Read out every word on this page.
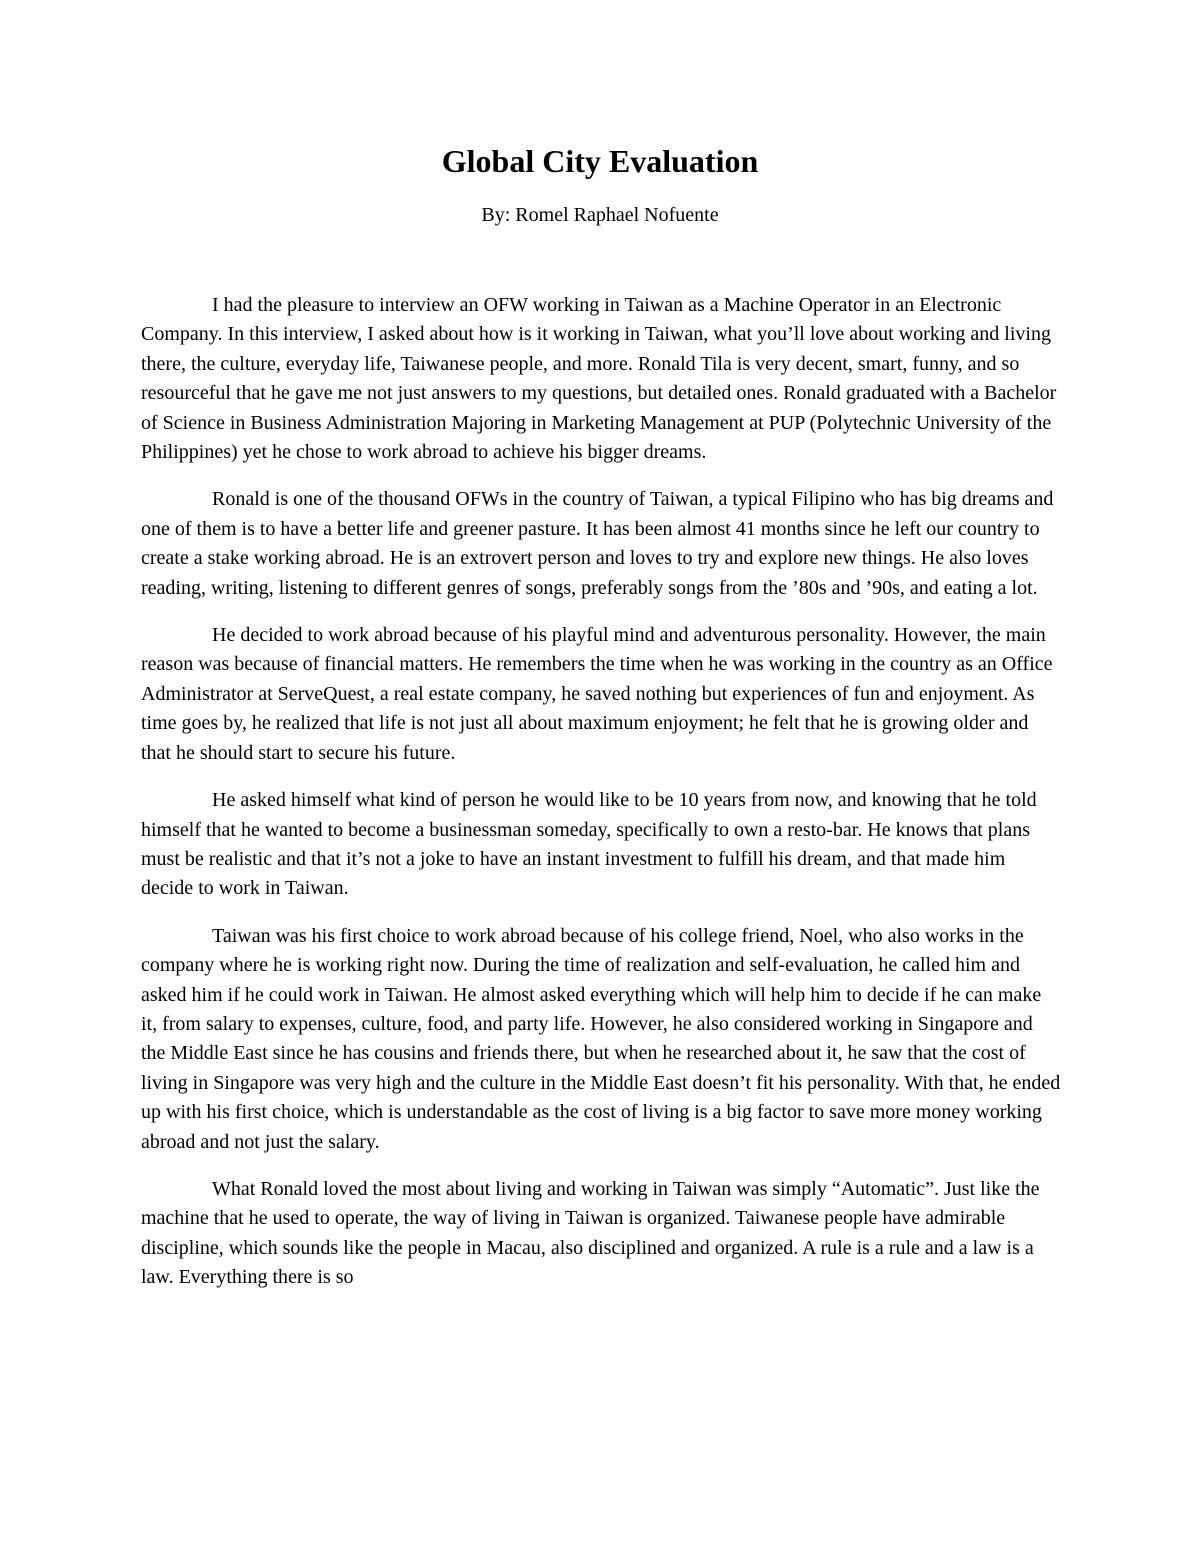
Global City Evaluation

By: Romel Raphael Nofuente

I had the pleasure to interview an OFW working in Taiwan as a Machine Operator in an Electronic Company. In this interview, I asked about how is it working in Taiwan, what you’ll love about working and living there, the culture, everyday life, Taiwanese people, and more. Ronald Tila is very decent, smart, funny, and so resourceful that he gave me not just answers to my questions, but detailed ones. Ronald graduated with a Bachelor of Science in Business Administration Majoring in Marketing Management at PUP (Polytechnic University of the Philippines) yet he chose to work abroad to achieve his bigger dreams.

Ronald is one of the thousand OFWs in the country of Taiwan, a typical Filipino who has big dreams and one of them is to have a better life and greener pasture. It has been almost 41 months since he left our country to create a stake working abroad. He is an extrovert person and loves to try and explore new things. He also loves reading, writing, listening to different genres of songs, preferably songs from the ’80s and ’90s, and eating a lot.

He decided to work abroad because of his playful mind and adventurous personality. However, the main reason was because of financial matters. He remembers the time when he was working in the country as an Office Administrator at ServeQuest, a real estate company, he saved nothing but experiences of fun and enjoyment. As time goes by, he realized that life is not just all about maximum enjoyment; he felt that he is growing older and that he should start to secure his future.

He asked himself what kind of person he would like to be 10 years from now, and knowing that he told himself that he wanted to become a businessman someday, specifically to own a resto-bar. He knows that plans must be realistic and that it’s not a joke to have an instant investment to fulfill his dream, and that made him decide to work in Taiwan.

Taiwan was his first choice to work abroad because of his college friend, Noel, who also works in the company where he is working right now. During the time of realization and self-evaluation, he called him and asked him if he could work in Taiwan. He almost asked everything which will help him to decide if he can make it, from salary to expenses, culture, food, and party life. However, he also considered working in Singapore and the Middle East since he has cousins and friends there, but when he researched about it, he saw that the cost of living in Singapore was very high and the culture in the Middle East doesn’t fit his personality. With that, he ended up with his first choice, which is understandable as the cost of living is a big factor to save more money working abroad and not just the salary.

What Ronald loved the most about living and working in Taiwan was simply “Automatic”. Just like the machine that he used to operate, the way of living in Taiwan is organized. Taiwanese people have admirable discipline, which sounds like the people in Macau, also disciplined and organized. A rule is a rule and a law is a law. Everything there is so
